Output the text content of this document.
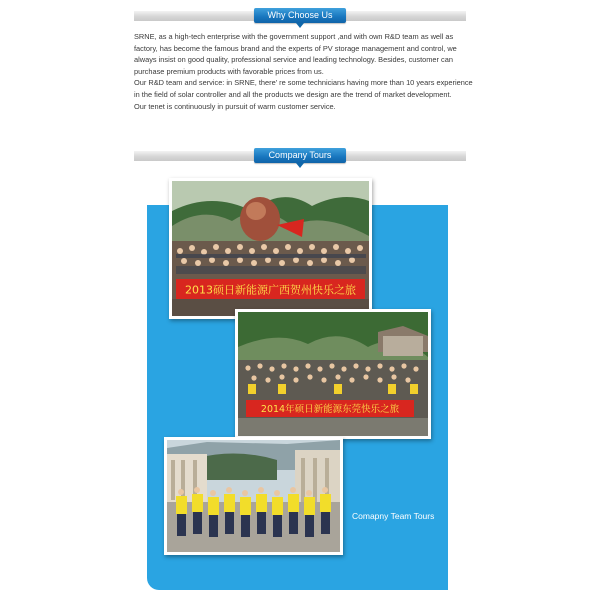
Why Choose Us

SRNE, as a high-tech enterprise with the government support ,and with own R&D team as well as factory, has become the famous brand and the experts of PV storage management and control, we always insist on good quality, professional service and leading technology. Besides, customer can purchase premium products with favorable prices from us.

Our R&D team and service: in SRNE, there’ re some technicians having more than 10 years experience in the field of solar controller and all the products we design are the trend of market development.

Our tenet is continuously in pursuit of warm customer service.

Company Tours
2013硕日新能源广西贺州快乐之旅
2014年硕日新能源东莞快乐之旅
Comapny Team Tours
